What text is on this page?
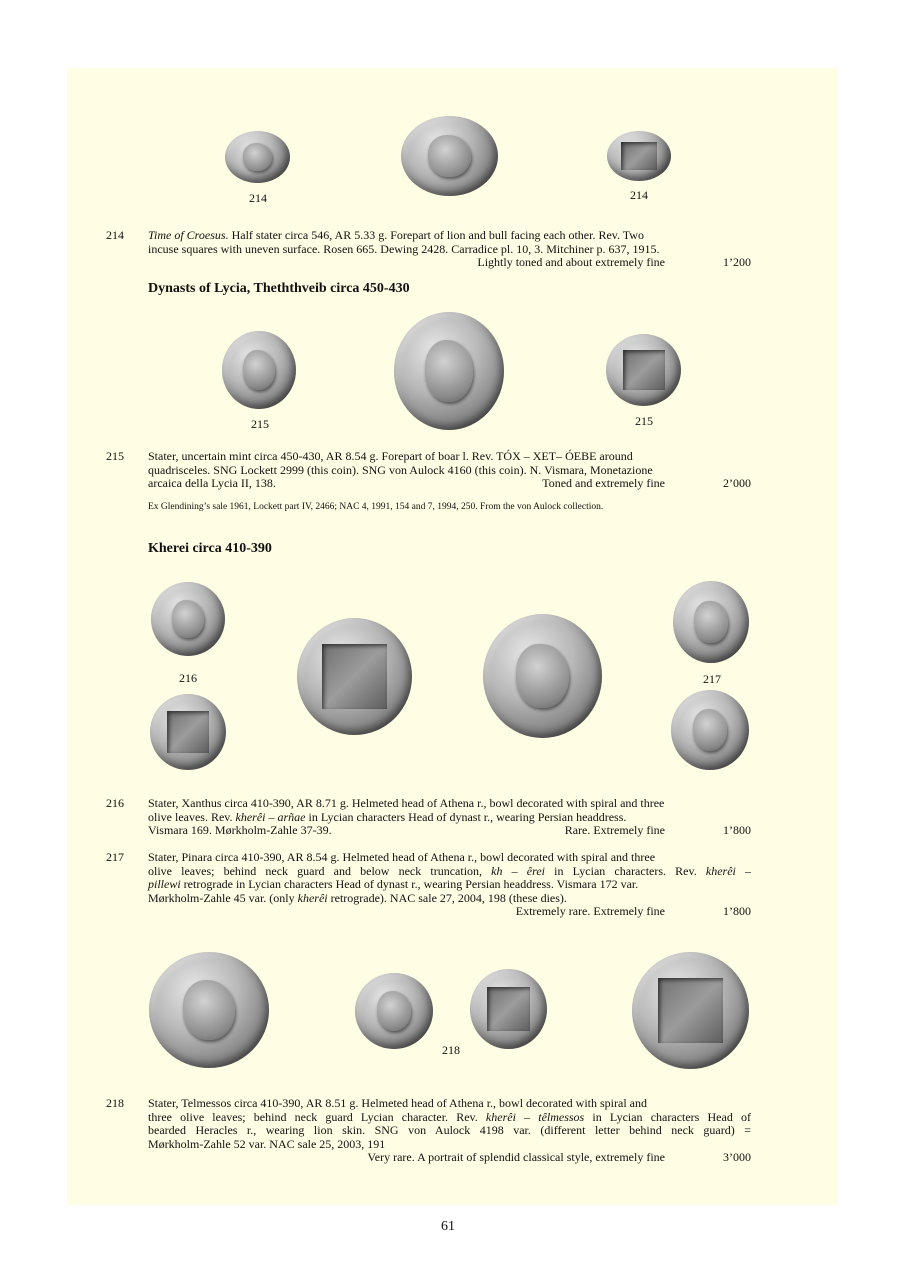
214	214
214	Time of Croesus. Half stater circa 546, AR 5.33 g. Forepart of lion and bull facing each other. Rev. Two
incuse squares with uneven surface. Rosen 665. Dewing 2428. Carradice pl. 10, 3. Mitchiner p. 637, 1915.
Lightly toned and about extremely fine	1’200
Dynasts of Lycia, Theththveib circa 450-430
215	215
215	Stater, uncertain mint circa 450-430, AR 8.54 g. Forepart of boar l. Rev. TÓX – XET– ÓEBE around
quadrisceles. SNG Lockett 2999 (this coin). SNG von Aulock 4160 (this coin). N. Vismara, Monetazione
arcaica della Lycia II, 138.	Toned and extremely fine	2’000
Ex Glendining’s sale 1961, Lockett part IV, 2466; NAC 4, 1991, 154 and 7, 1994, 250. From the von Aulock collection.
Kherei circa 410-390
216	217
216	Stater, Xanthus circa 410-390, AR 8.71 g. Helmeted head of Athena r., bowl decorated with spiral and three
olive leaves. Rev. kherêi – arñae in Lycian characters Head of dynast r., wearing Persian headdress.
Vismara 169. Mørkholm-Zahle 37-39.	Rare. Extremely fine	1’800
217	Stater, Pinara circa 410-390, AR 8.54 g. Helmeted head of Athena r., bowl decorated with spiral and three
olive leaves; behind neck guard and below neck truncation, kh – êrei in Lycian characters. Rev. kherêi –
pillewi retrograde in Lycian characters Head of dynast r., wearing Persian headdress. Vismara 172 var.
Mørkholm-Zahle 45 var. (only kherêi retrograde). NAC sale 27, 2004, 198 (these dies).
Extremely rare. Extremely fine	1’800
218
218	Stater, Telmessos circa 410-390, AR 8.51 g. Helmeted head of Athena r., bowl decorated with spiral and
three olive leaves; behind neck guard Lycian character. Rev. kherêi – têlmessos in Lycian characters Head of
bearded Heracles r., wearing lion skin. SNG von Aulock 4198 var. (different letter behind neck guard) =
Mørkholm-Zahle 52 var. NAC sale 25, 2003, 191
Very rare. A portrait of splendid classical style, extremely fine	3’000
61
